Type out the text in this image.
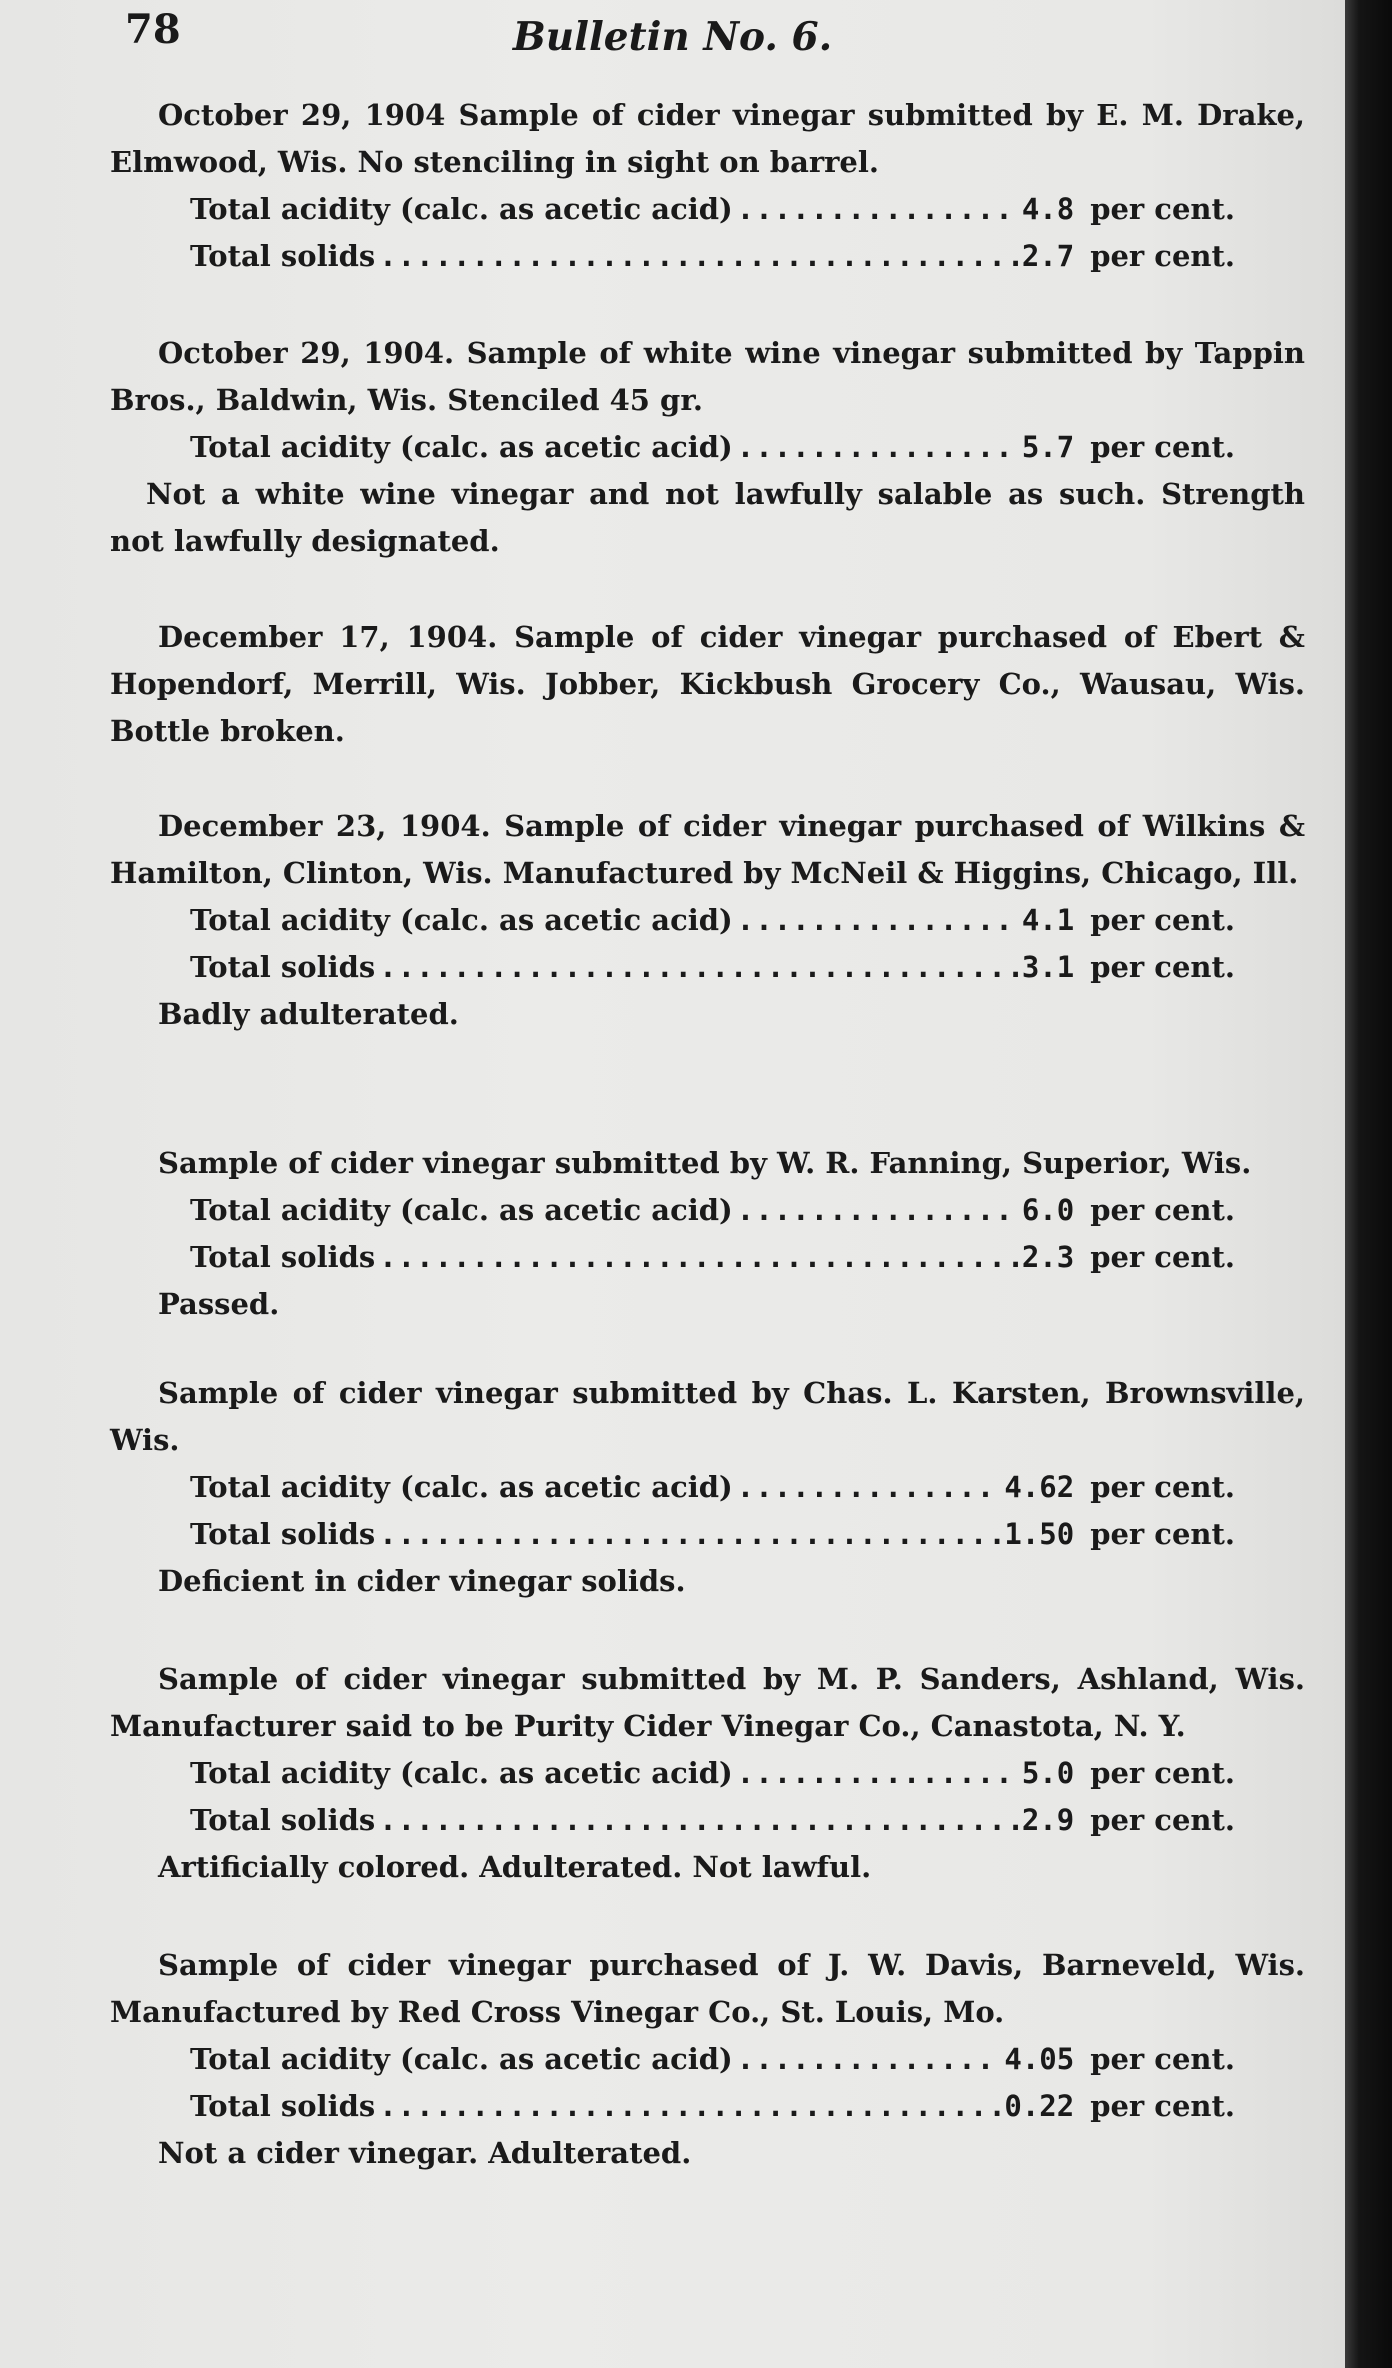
78	Bulletin No. 6.

October 29, 1904 Sample of cider vinegar submitted by E. M. Drake, Elmwood, Wis. No stenciling in sight on barrel.

Total acidity (calc. as acetic acid) .....	4.8 per cent.
Total solids .....	2.7 per cent.

October 29, 1904. Sample of white wine vinegar submitted by Tappin Bros., Baldwin, Wis. Stenciled 45 gr.

Total acidity (calc. as acetic acid) .....	5.7 per cent.

Not a white wine vinegar and not lawfully salable as such. Strength not lawfully designated.

December 17, 1904. Sample of cider vinegar purchased of Ebert & Hopendorf, Merrill, Wis. Jobber, Kickbush Grocery Co., Wausau, Wis. Bottle broken.

December 23, 1904. Sample of cider vinegar purchased of Wilkins & Hamilton, Clinton, Wis. Manufactured by McNeil & Higgins, Chicago, Ill.

Total acidity (calc. as acetic acid) .....	4.1 per cent.
Total solids .....	3.1 per cent.

Badly adulterated.

Sample of cider vinegar submitted by W. R. Fanning, Superior, Wis.

Total acidity (calc. as acetic acid) .....	6.0 per cent.
Total solids .....	2.3 per cent.

Passed.

Sample of cider vinegar submitted by Chas. L. Karsten, Brownsville, Wis.

Total acidity (calc. as acetic acid) .....	4.62 per cent.
Total solids .....	1.50 per cent.

Deficient in cider vinegar solids.

Sample of cider vinegar submitted by M. P. Sanders, Ashland, Wis. Manufacturer said to be Purity Cider Vinegar Co., Canastota, N. Y.

Total acidity (calc. as acetic acid) .....	5.0 per cent.
Total solids .....	2.9 per cent.

Artificially colored. Adulterated. Not lawful.

Sample of cider vinegar purchased of J. W. Davis, Barneveld, Wis. Manufactured by Red Cross Vinegar Co., St. Louis, Mo.

Total acidity (calc. as acetic acid) .....	4.05 per cent.
Total solids .....	0.22 per cent.

Not a cider vinegar. Adulterated.
